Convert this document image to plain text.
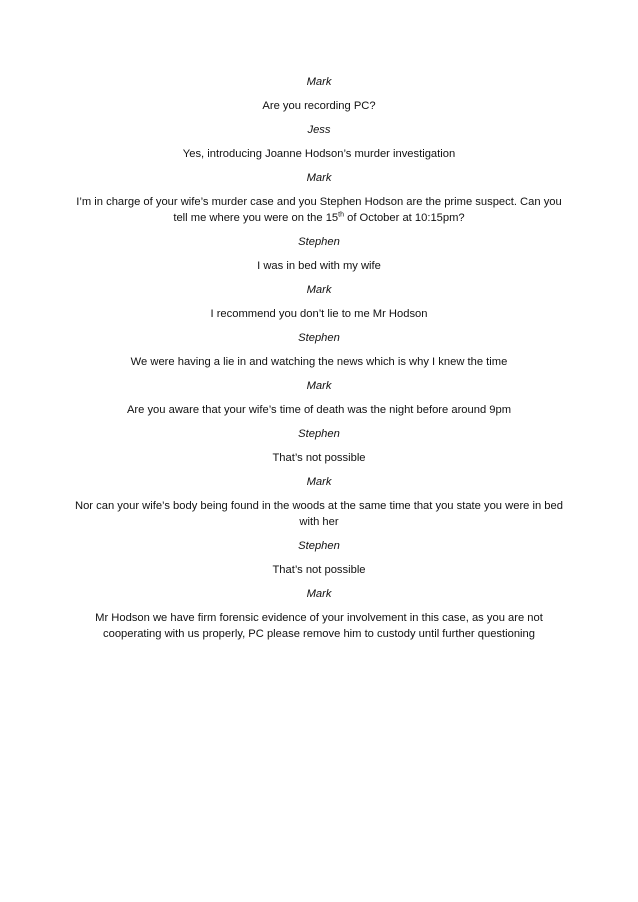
Mark
Are you recording PC?
Jess
Yes, introducing Joanne Hodson’s murder investigation
Mark
I’m in charge of your wife’s murder case and you Stephen Hodson are the prime suspect. Can you tell me where you were on the 15th of October at 10:15pm?
Stephen
I was in bed with my wife
Mark
I recommend you don’t lie to me Mr Hodson
Stephen
We were having a lie in and watching the news which is why I knew the time
Mark
Are you aware that your wife’s time of death was the night before around 9pm
Stephen
That’s not possible
Mark
Nor can your wife’s body being found in the woods at the same time that you state you were in bed with her
Stephen
That’s not possible
Mark
Mr Hodson we have firm forensic evidence of your involvement in this case, as you are not cooperating with us properly, PC please remove him to custody until further questioning
